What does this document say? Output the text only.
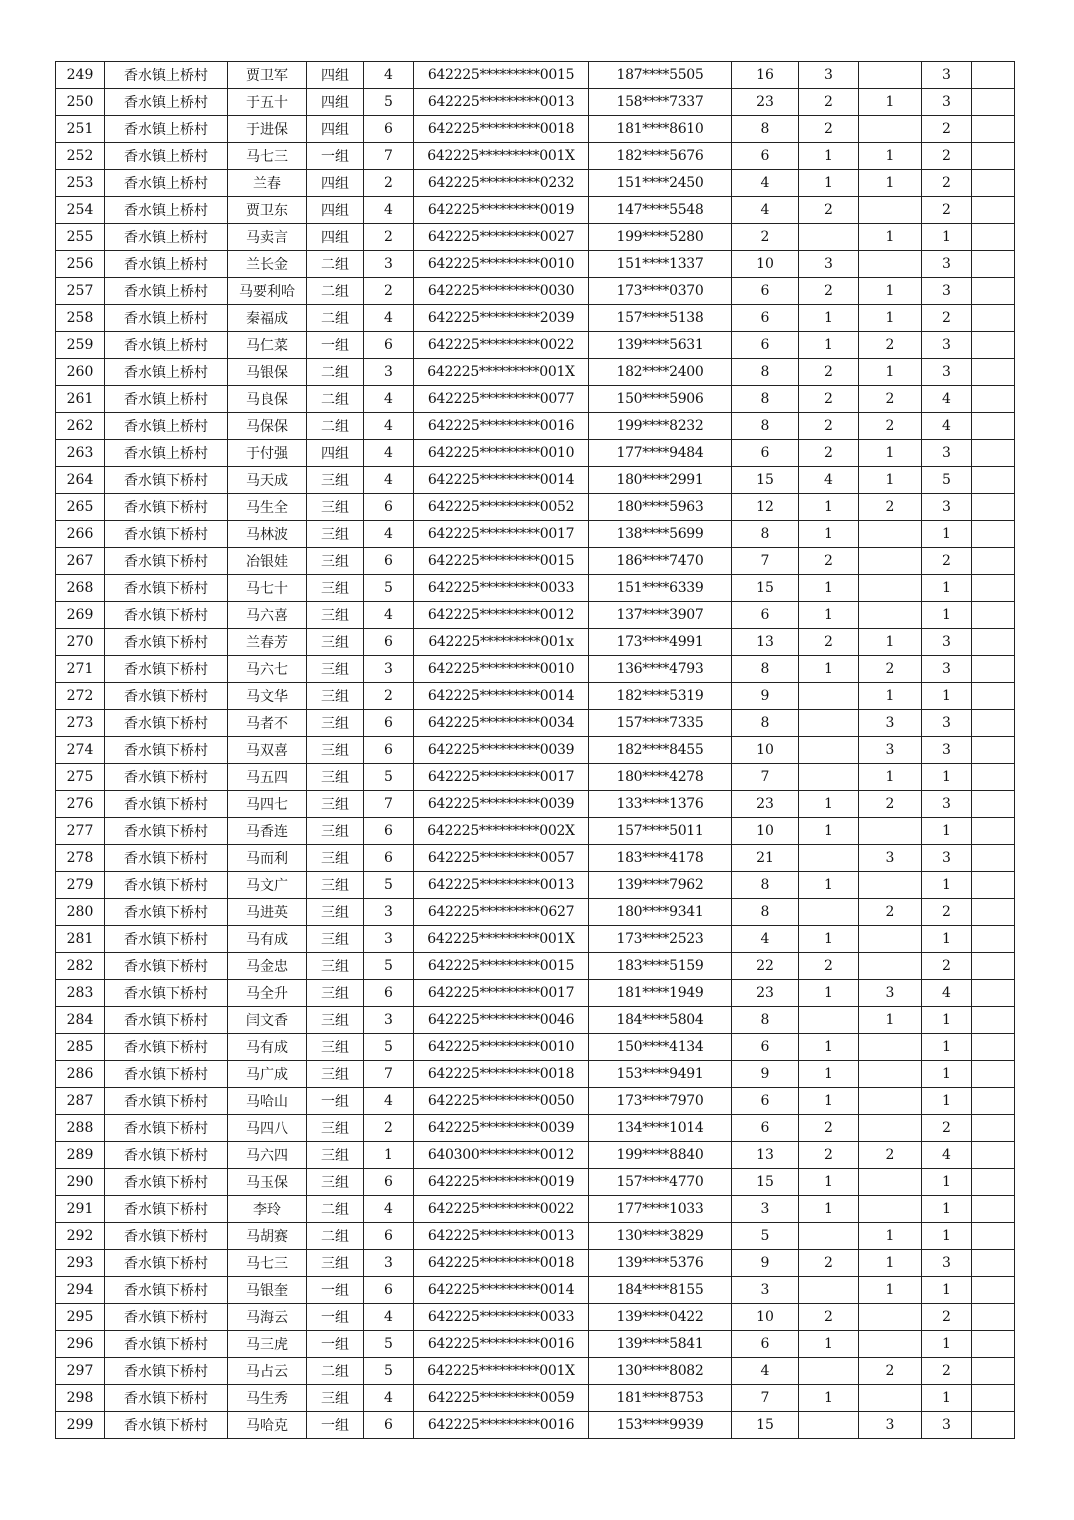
249	香水镇上桥村	贾卫军	四组	4	642225*********0015	187****5505	16	3		3	
250	香水镇上桥村	于五十	四组	5	642225*********0013	158****7337	23	2	1	3	
251	香水镇上桥村	于进保	四组	6	642225*********0018	181****8610	8	2		2	
252	香水镇上桥村	马七三	一组	7	642225*********001X	182****5676	6	1	1	2	
253	香水镇上桥村	兰春	四组	2	642225*********0232	151****2450	4	1	1	2	
254	香水镇上桥村	贾卫东	四组	4	642225*********0019	147****5548	4	2		2	
255	香水镇上桥村	马卖言	四组	2	642225*********0027	199****5280	2		1	1	
256	香水镇上桥村	兰长金	二组	3	642225*********0010	151****1337	10	3		3	
257	香水镇上桥村	马要利哈	二组	2	642225*********0030	173****0370	6	2	1	3	
258	香水镇上桥村	秦福成	二组	4	642225*********2039	157****5138	6	1	1	2	
259	香水镇上桥村	马仁菜	一组	6	642225*********0022	139****5631	6	1	2	3	
260	香水镇上桥村	马银保	二组	3	642225*********001X	182****2400	8	2	1	3	
261	香水镇上桥村	马良保	二组	4	642225*********0077	150****5906	8	2	2	4	
262	香水镇上桥村	马保保	二组	4	642225*********0016	199****8232	8	2	2	4	
263	香水镇上桥村	于付强	四组	4	642225*********0010	177****9484	6	2	1	3	
264	香水镇下桥村	马天成	三组	4	642225*********0014	180****2991	15	4	1	5	
265	香水镇下桥村	马生全	三组	6	642225*********0052	180****5963	12	1	2	3	
266	香水镇下桥村	马林波	三组	4	642225*********0017	138****5699	8	1		1	
267	香水镇下桥村	冶银娃	三组	6	642225*********0015	186****7470	7	2		2	
268	香水镇下桥村	马七十	三组	5	642225*********0033	151****6339	15	1		1	
269	香水镇下桥村	马六喜	三组	4	642225*********0012	137****3907	6	1		1	
270	香水镇下桥村	兰春芳	三组	6	642225*********001x	173****4991	13	2	1	3	
271	香水镇下桥村	马六七	三组	3	642225*********0010	136****4793	8	1	2	3	
272	香水镇下桥村	马文华	三组	2	642225*********0014	182****5319	9		1	1	
273	香水镇下桥村	马者不	三组	6	642225*********0034	157****7335	8		3	3	
274	香水镇下桥村	马双喜	三组	6	642225*********0039	182****8455	10		3	3	
275	香水镇下桥村	马五四	三组	5	642225*********0017	180****4278	7		1	1	
276	香水镇下桥村	马四七	三组	7	642225*********0039	133****1376	23	1	2	3	
277	香水镇下桥村	马香连	三组	6	642225*********002X	157****5011	10	1		1	
278	香水镇下桥村	马而利	三组	6	642225*********0057	183****4178	21		3	3	
279	香水镇下桥村	马文广	三组	5	642225*********0013	139****7962	8	1		1	
280	香水镇下桥村	马进英	三组	3	642225*********0627	180****9341	8		2	2	
281	香水镇下桥村	马有成	三组	3	642225*********001X	173****2523	4	1		1	
282	香水镇下桥村	马金忠	三组	5	642225*********0015	183****5159	22	2		2	
283	香水镇下桥村	马全升	三组	6	642225*********0017	181****1949	23	1	3	4	
284	香水镇下桥村	闫文香	三组	3	642225*********0046	184****5804	8		1	1	
285	香水镇下桥村	马有成	三组	5	642225*********0010	150****4134	6	1		1	
286	香水镇下桥村	马广成	三组	7	642225*********0018	153****9491	9	1		1	
287	香水镇下桥村	马哈山	一组	4	642225*********0050	173****7970	6	1		1	
288	香水镇下桥村	马四八	三组	2	642225*********0039	134****1014	6	2		2	
289	香水镇下桥村	马六四	三组	1	640300*********0012	199****8840	13	2	2	4	
290	香水镇下桥村	马玉保	三组	6	642225*********0019	157****4770	15	1		1	
291	香水镇下桥村	李玲	二组	4	642225*********0022	177****1033	3	1		1	
292	香水镇下桥村	马胡赛	二组	6	642225*********0013	130****3829	5		1	1	
293	香水镇下桥村	马七三	三组	3	642225*********0018	139****5376	9	2	1	3	
294	香水镇下桥村	马银奎	一组	6	642225*********0014	184****8155	3		1	1	
295	香水镇下桥村	马海云	一组	4	642225*********0033	139****0422	10	2		2	
296	香水镇下桥村	马三虎	一组	5	642225*********0016	139****5841	6	1		1	
297	香水镇下桥村	马占云	二组	5	642225*********001X	130****8082	4		2	2	
298	香水镇下桥村	马生秀	三组	4	642225*********0059	181****8753	7	1		1	
299	香水镇下桥村	马哈克	一组	6	642225*********0016	153****9939	15		3	3	
